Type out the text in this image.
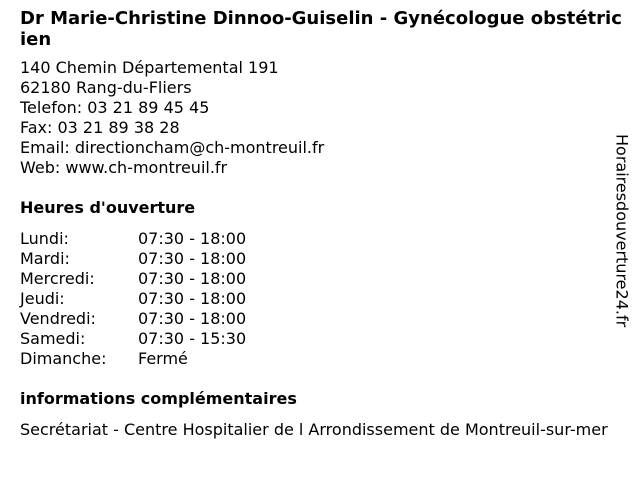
Dr Marie-Christine Dinnoo-Guiselin - Gynécologue obstétricien
140 Chemin Départemental 191
62180 Rang-du-Fliers
Telefon: 03 21 89 45 45
Fax: 03 21 89 38 28
Email: directioncham@ch-montreuil.fr
Web: www.ch-montreuil.fr
Heures d'ouverture
Lundi:	07:30 - 18:00
Mardi:	07:30 - 18:00
Mercredi:	07:30 - 18:00
Jeudi:	07:30 - 18:00
Vendredi:	07:30 - 18:00
Samedi:	07:30 - 15:30
Dimanche:	Fermé
informations complémentaires
Secrétariat - Centre Hospitalier de l Arrondissement de Montreuil-sur-mer
Horairesdouverture24.fr
